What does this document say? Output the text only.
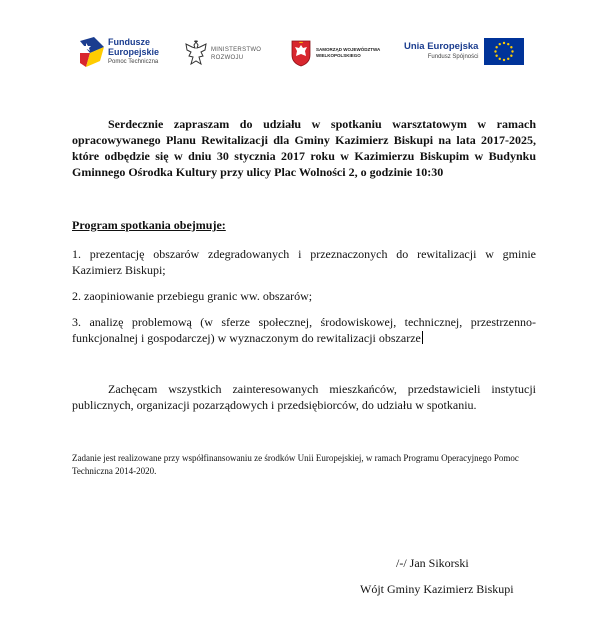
Fundusze
Europejskie
Pomoc Techniczna
MINISTERSTWO
ROZWOJU
SAMORZĄD WOJEWÓDZTWA
WIELKOPOLSKIEGO
Unia Europejska
Fundusz Spójności
Serdecznie zapraszam do udziału w spotkaniu warsztatowym w ramach opracowywanego Planu Rewitalizacji dla Gminy Kazimierz Biskupi na lata 2017-2025, które odbędzie się w dniu 30 stycznia 2017 roku w Kazimierzu Biskupim w Budynku Gminnego Ośrodka Kultury przy ulicy Plac Wolności 2, o godzinie 10:30
Program spotkania obejmuje:
1. prezentację obszarów zdegradowanych i przeznaczonych do rewitalizacji w gminie Kazimierz Biskupi;
2. zaopiniowanie przebiegu granic ww. obszarów;
3. analizę problemową (w sferze społecznej, środowiskowej, technicznej, przestrzenno-funkcjonalnej i gospodarczej) w wyznaczonym do rewitalizacji obszarze
Zachęcam wszystkich zainteresowanych mieszkańców, przedstawicieli instytucji publicznych, organizacji pozarządowych i przedsiębiorców, do udziału w spotkaniu.
Zadanie jest realizowane przy współfinansowaniu ze środków Unii Europejskiej, w ramach Programu Operacyjnego Pomoc Techniczna 2014-2020.
/-/ Jan Sikorski
Wójt Gminy Kazimierz Biskupi
